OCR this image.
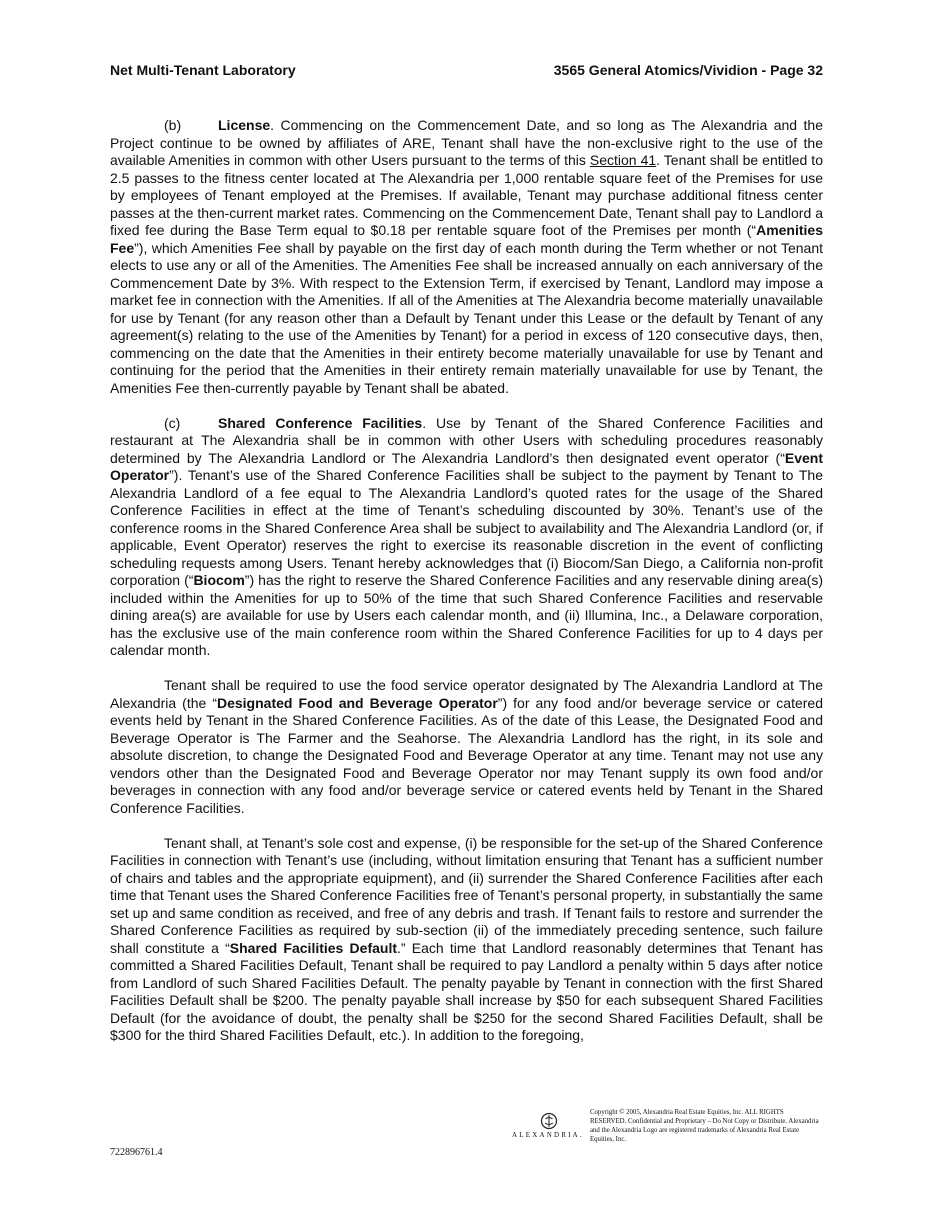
Net Multi-Tenant Laboratory	3565 General Atomics/Vividion - Page 32

(b)	License. Commencing on the Commencement Date, and so long as The Alexandria and the Project continue to be owned by affiliates of ARE, Tenant shall have the non-exclusive right to the use of the available Amenities in common with other Users pursuant to the terms of this Section 41. Tenant shall be entitled to 2.5 passes to the fitness center located at The Alexandria per 1,000 rentable square feet of the Premises for use by employees of Tenant employed at the Premises. If available, Tenant may purchase additional fitness center passes at the then-current market rates. Commencing on the Commencement Date, Tenant shall pay to Landlord a fixed fee during the Base Term equal to $0.18 per rentable square foot of the Premises per month (“Amenities Fee”), which Amenities Fee shall by payable on the first day of each month during the Term whether or not Tenant elects to use any or all of the Amenities. The Amenities Fee shall be increased annually on each anniversary of the Commencement Date by 3%. With respect to the Extension Term, if exercised by Tenant, Landlord may impose a market fee in connection with the Amenities. If all of the Amenities at The Alexandria become materially unavailable for use by Tenant (for any reason other than a Default by Tenant under this Lease or the default by Tenant of any agreement(s) relating to the use of the Amenities by Tenant) for a period in excess of 120 consecutive days, then, commencing on the date that the Amenities in their entirety become materially unavailable for use by Tenant and continuing for the period that the Amenities in their entirety remain materially unavailable for use by Tenant, the Amenities Fee then-currently payable by Tenant shall be abated.

(c)	Shared Conference Facilities. Use by Tenant of the Shared Conference Facilities and restaurant at The Alexandria shall be in common with other Users with scheduling procedures reasonably determined by The Alexandria Landlord or The Alexandria Landlord’s then designated event operator (“Event Operator”). Tenant’s use of the Shared Conference Facilities shall be subject to the payment by Tenant to The Alexandria Landlord of a fee equal to The Alexandria Landlord’s quoted rates for the usage of the Shared Conference Facilities in effect at the time of Tenant’s scheduling discounted by 30%. Tenant’s use of the conference rooms in the Shared Conference Area shall be subject to availability and The Alexandria Landlord (or, if applicable, Event Operator) reserves the right to exercise its reasonable discretion in the event of conflicting scheduling requests among Users. Tenant hereby acknowledges that (i) Biocom/San Diego, a California non-profit corporation (“Biocom”) has the right to reserve the Shared Conference Facilities and any reservable dining area(s) included within the Amenities for up to 50% of the time that such Shared Conference Facilities and reservable dining area(s) are available for use by Users each calendar month, and (ii) Illumina, Inc., a Delaware corporation, has the exclusive use of the main conference room within the Shared Conference Facilities for up to 4 days per calendar month.

Tenant shall be required to use the food service operator designated by The Alexandria Landlord at The Alexandria (the “Designated Food and Beverage Operator”) for any food and/or beverage service or catered events held by Tenant in the Shared Conference Facilities. As of the date of this Lease, the Designated Food and Beverage Operator is The Farmer and the Seahorse. The Alexandria Landlord has the right, in its sole and absolute discretion, to change the Designated Food and Beverage Operator at any time. Tenant may not use any vendors other than the Designated Food and Beverage Operator nor may Tenant supply its own food and/or beverages in connection with any food and/or beverage service or catered events held by Tenant in the Shared Conference Facilities.

Tenant shall, at Tenant’s sole cost and expense, (i) be responsible for the set-up of the Shared Conference Facilities in connection with Tenant’s use (including, without limitation ensuring that Tenant has a sufficient number of chairs and tables and the appropriate equipment), and (ii) surrender the Shared Conference Facilities after each time that Tenant uses the Shared Conference Facilities free of Tenant’s personal property, in substantially the same set up and same condition as received, and free of any debris and trash. If Tenant fails to restore and surrender the Shared Conference Facilities as required by sub-section (ii) of the immediately preceding sentence, such failure shall constitute a “Shared Facilities Default.” Each time that Landlord reasonably determines that Tenant has committed a Shared Facilities Default, Tenant shall be required to pay Landlord a penalty within 5 days after notice from Landlord of such Shared Facilities Default. The penalty payable by Tenant in connection with the first Shared Facilities Default shall be $200. The penalty payable shall increase by $50 for each subsequent Shared Facilities Default (for the avoidance of doubt, the penalty shall be $250 for the second Shared Facilities Default, shall be $300 for the third Shared Facilities Default, etc.). In addition to the foregoing,

ALEXANDRIA.
Copyright © 2005, Alexandria Real Estate Equities, Inc. ALL RIGHTS RESERVED. Confidential and Proprietary – Do Not Copy or Distribute. Alexandria and the Alexandria Logo are registered trademarks of Alexandria Real Estate Equities, Inc.
722896761.4
